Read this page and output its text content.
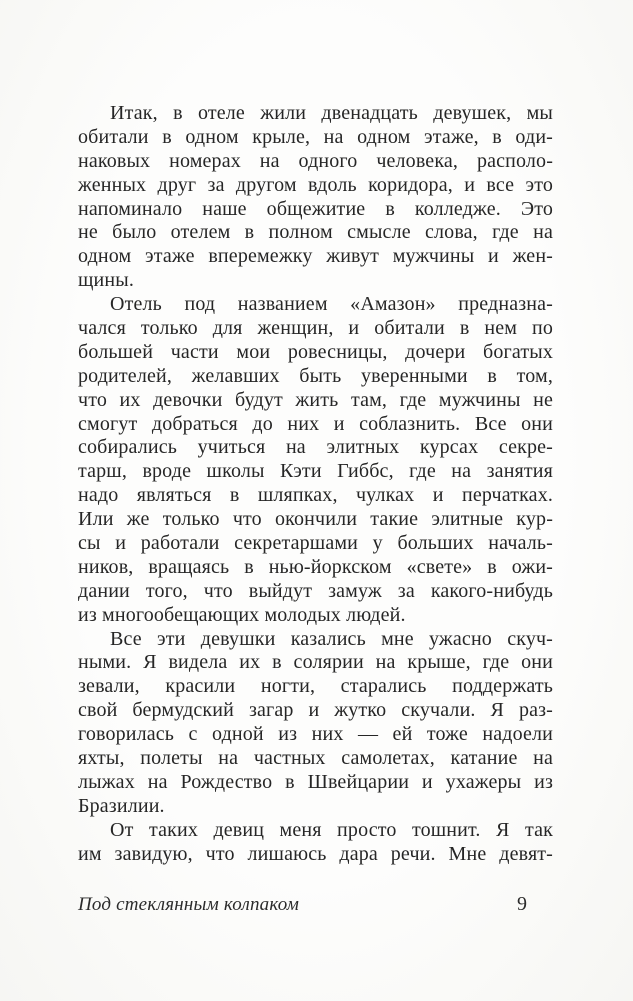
Итак, в отеле жили двенадцать девушек, мы
обитали в одном крыле, на одном этаже, в оди-
наковых номерах на одного человека, располо-
женных друг за другом вдоль коридора, и все это
напоминало наше общежитие в колледже. Это
не было отелем в полном смысле слова, где на
одном этаже вперемежку живут мужчины и жен-
щины.
Отель под названием «Амазон» предназна-
чался только для женщин, и обитали в нем по
большей части мои ровесницы, дочери богатых
родителей, желавших быть уверенными в том,
что их девочки будут жить там, где мужчины не
смогут добраться до них и соблазнить. Все они
собирались учиться на элитных курсах секре-
тарш, вроде школы Кэти Гиббс, где на занятия
надо являться в шляпках, чулках и перчатках.
Или же только что окончили такие элитные кур-
сы и работали секретаршами у больших началь-
ников, вращаясь в нью-йоркском «свете» в ожи-
дании того, что выйдут замуж за какого-нибудь
из многообещающих молодых людей.
Все эти девушки казались мне ужасно скуч-
ными. Я видела их в солярии на крыше, где они
зевали, красили ногти, старались поддержать
свой бермудский загар и жутко скучали. Я раз-
говорилась с одной из них — ей тоже надоели
яхты, полеты на частных самолетах, катание на
лыжах на Рождество в Швейцарии и ухажеры из
Бразилии.
От таких девиц меня просто тошнит. Я так
им завидую, что лишаюсь дара речи. Мне девят-
Под стеклянным колпаком	9
